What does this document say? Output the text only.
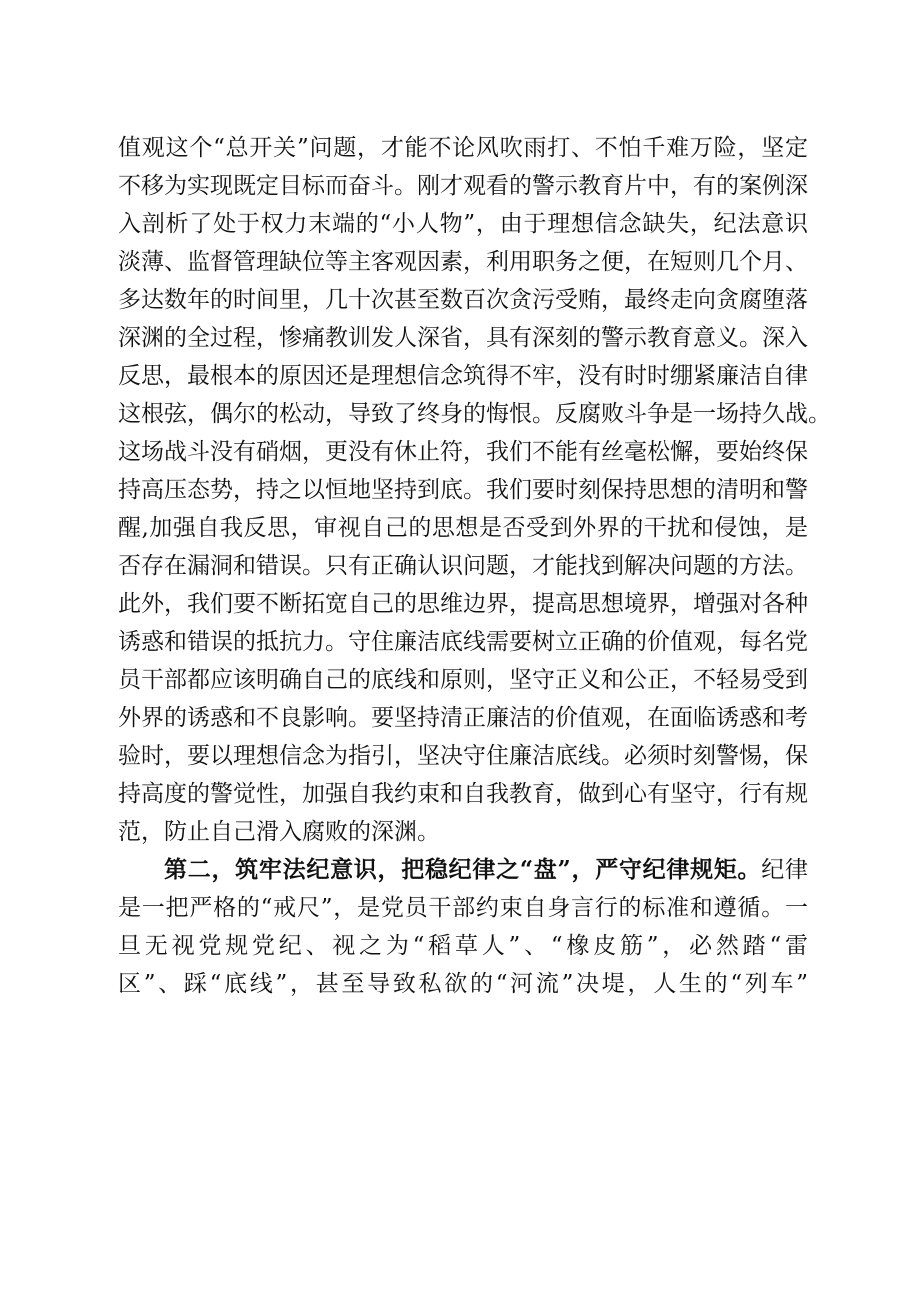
值观这个“总开关”问题，才能不论风吹雨打、不怕千难万险，坚定
不移为实现既定目标而奋斗。刚才观看的警示教育片中，有的案例深
入剖析了处于权力末端的“小人物”，由于理想信念缺失，纪法意识
淡薄、监督管理缺位等主客观因素，利用职务之便，在短则几个月、
多达数年的时间里，几十次甚至数百次贪污受贿，最终走向贪腐堕落
深渊的全过程，惨痛教训发人深省，具有深刻的警示教育意义。深入
反思，最根本的原因还是理想信念筑得不牢，没有时时绷紧廉洁自律
这根弦，偶尔的松动，导致了终身的悔恨。反腐败斗争是一场持久战。
这场战斗没有硝烟，更没有休止符，我们不能有丝毫松懈，要始终保
持高压态势，持之以恒地坚持到底。我们要时刻保持思想的清明和警
醒,加强自我反思，审视自己的思想是否受到外界的干扰和侵蚀，是
否存在漏洞和错误。只有正确认识问题，才能找到解决问题的方法。
此外，我们要不断拓宽自己的思维边界，提高思想境界，增强对各种
诱惑和错误的抵抗力。守住廉洁底线需要树立正确的价值观，每名党
员干部都应该明确自己的底线和原则，坚守正义和公正，不轻易受到
外界的诱惑和不良影响。要坚持清正廉洁的价值观，在面临诱惑和考
验时，要以理想信念为指引，坚决守住廉洁底线。必须时刻警惕，保
持高度的警觉性，加强自我约束和自我教育，做到心有坚守，行有规
范，防止自己滑入腐败的深渊。
第二，筑牢法纪意识，把稳纪律之“盘”，严守纪律规矩。纪律
是一把严格的“戒尺”，是党员干部约束自身言行的标准和遵循。一
旦无视党规党纪、视之为“稻草人”、“橡皮筋”，必然踏“雷
区”、踩“底线”，甚至导致私欲的“河流”决堤，人生的“列车”
